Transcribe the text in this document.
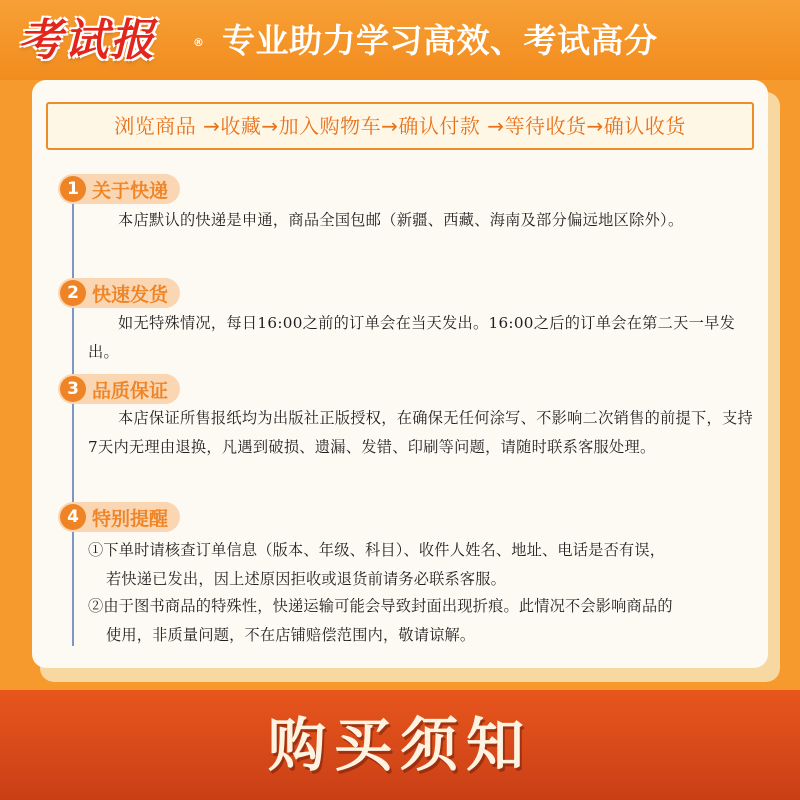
考试报	® 专业助力学习高效、考试高分
浏览商品 →收藏→加入购物车→确认付款 →等待收货→确认收货
1 关于快递
本店默认的快递是申通，商品全国包邮（新疆、西藏、海南及部分偏远地区除外）。
2 快速发货
如无特殊情况，每日16:00之前的订单会在当天发出。16:00之后的订单会在第二天一早发出。
3 品质保证
本店保证所售报纸均为出版社正版授权，在确保无任何涂写、不影响二次销售的前提下，支持7天内无理由退换，凡遇到破损、遗漏、发错、印刷等问题，请随时联系客服处理。
4 特别提醒
①下单时请核查订单信息（版本、年级、科目）、收件人姓名、地址、电话是否有误，
若快递已发出，因上述原因拒收或退货前请务必联系客服。
②由于图书商品的特殊性，快递运输可能会导致封面出现折痕。此情况不会影响商品的
使用，非质量问题，不在店铺赔偿范围内，敬请谅解。
购买须知
